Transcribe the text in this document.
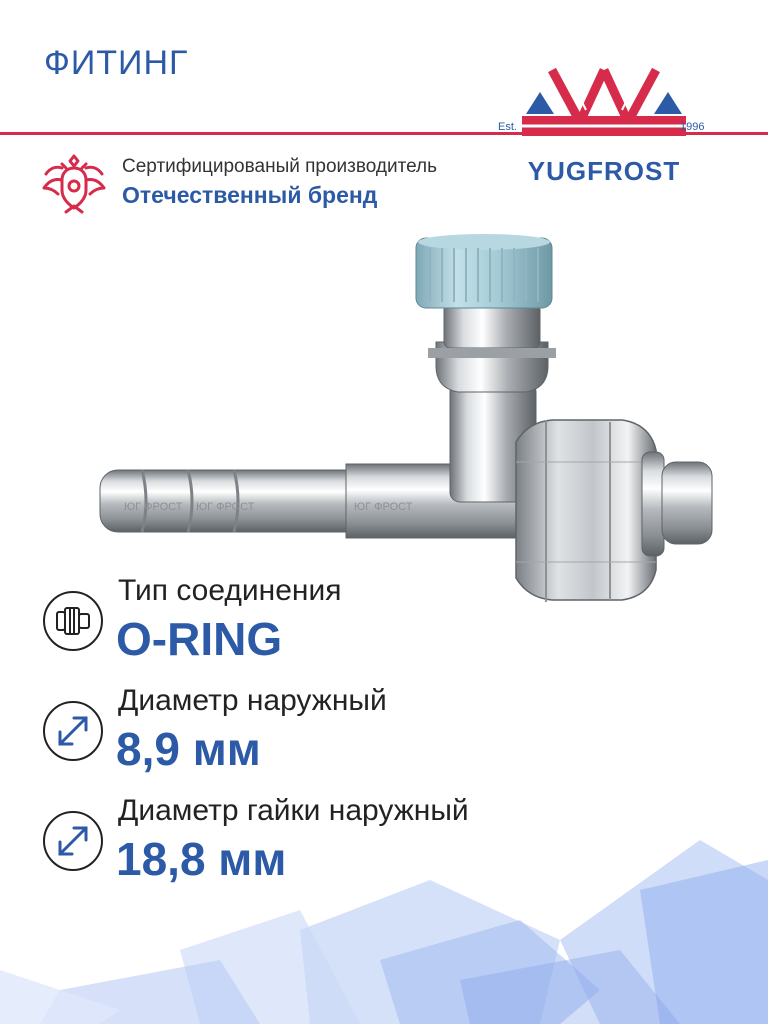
ФИТИНГ
Est.	1996
YUGFROST
Сертифицированый производитель
Отечественный бренд
ЮГ ФРОСТ ЮГ ФРОСТ	ЮГ ФРОСТ
Тип соединения
O-RING
Диаметр наружный
8,9 мм
Диаметр гайки наружный
18,8 мм
